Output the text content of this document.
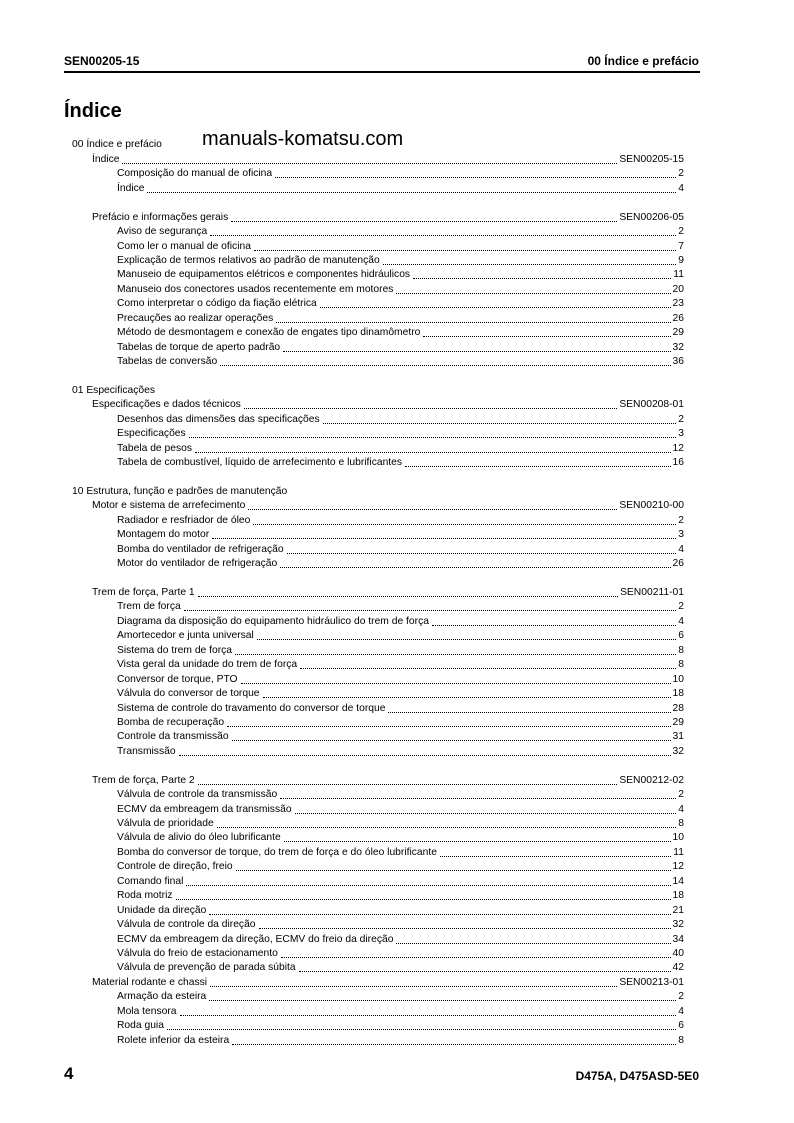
SEN00205-15	00 Índice e prefácio
Índice
manuals-komatsu.com
00 Índice e prefácio
Índice	SEN00205-15
Composição do manual de oficina	2
Índice	4
Prefácio e informações gerais	SEN00206-05
Aviso de segurança	2
Como ler o manual de oficina	7
Explicação de termos relativos ao padrão de manutenção	9
Manuseio de equipamentos elétricos e componentes hidráulicos	11
Manuseio dos conectores usados recentemente em motores	20
Como interpretar o código da fiação elétrica	23
Precauções ao realizar operações	26
Método de desmontagem e conexão de engates tipo dinamômetro	29
Tabelas de torque de aperto padrão	32
Tabelas de conversão	36
01 Especificações
Especificações e dados técnicos	SEN00208-01
Desenhos das dimensões das specificações	2
Especificações	3
Tabela de pesos	12
Tabela de combustível, líquido de arrefecimento e lubrificantes	16
10 Estrutura, função e padrões de manutenção
Motor e sistema de arrefecimento	SEN00210-00
Radiador e resfriador de óleo	2
Montagem do motor	3
Bomba do ventilador de refrigeração	4
Motor do ventilador de refrigeração	26
Trem de força, Parte 1	SEN00211-01
Trem de força	2
Diagrama da disposição do equipamento hidráulico do trem de força	4
Amortecedor e junta universal	6
Sistema do trem de força	8
Vista geral da unidade do trem de força	8
Conversor de torque, PTO	10
Válvula do conversor de torque	18
Sistema de controle do travamento do conversor de torque	28
Bomba de recuperação	29
Controle da transmissão	31
Transmissão	32
Trem de força, Parte 2	SEN00212-02
Válvula de controle da transmissão	2
ECMV da embreagem da transmissão	4
Válvula de prioridade	8
Válvula de alivio do óleo lubrificante	10
Bomba do conversor de torque, do trem de força e do óleo lubrificante	11
Controle de direção, freio	12
Comando final	14
Roda motriz	18
Unidade da direção	21
Válvula de controle da direção	32
ECMV da embreagem da direção, ECMV do freio da direção	34
Válvula do freio de estacionamento	40
Válvula de prevenção de parada súbita	42
Material rodante e chassi	SEN00213-01
Armação da esteira	2
Mola tensora	4
Roda guia	6
Rolete inferior da esteira	8
4	D475A, D475ASD-5E0
